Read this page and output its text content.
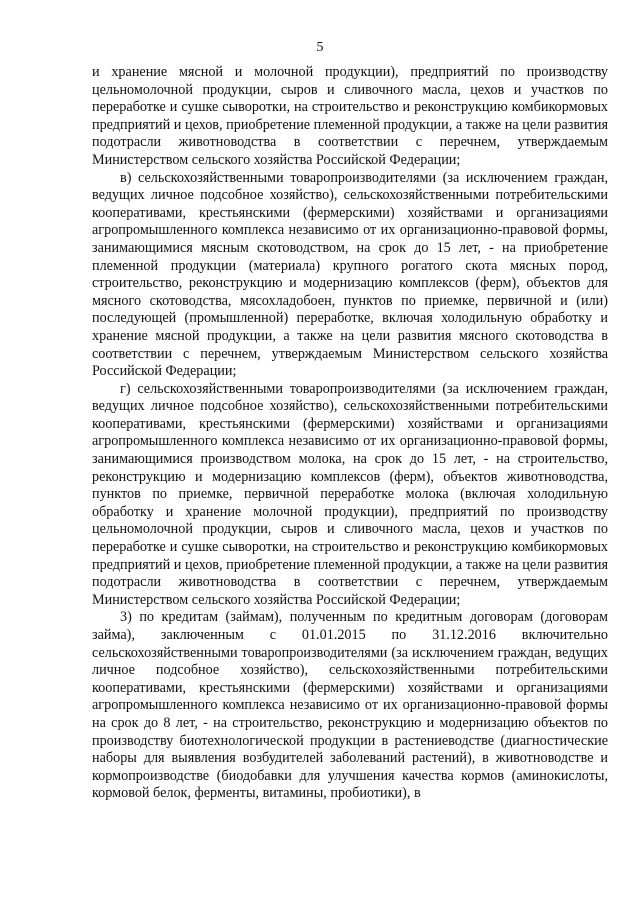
5

и хранение мясной и молочной продукции), предприятий по производству цельномолочной продукции, сыров и сливочного масла, цехов и участков по переработке и сушке сыворотки, на строительство и реконструкцию комбикормовых предприятий и цехов, приобретение племенной продукции, а также на цели развития подотрасли животноводства в соответствии с перечнем, утверждаемым Министерством сельского хозяйства Российской Федерации;

в) сельскохозяйственными товаропроизводителями (за исключением граждан, ведущих личное подсобное хозяйство), сельскохозяйственными потребительскими кооперативами, крестьянскими (фермерскими) хозяйствами и организациями агропромышленного комплекса независимо от их организационно-правовой формы, занимающимися мясным скотоводством, на срок до 15 лет, - на приобретение племенной продукции (материала) крупного рогатого скота мясных пород, строительство, реконструкцию и модернизацию комплексов (ферм), объектов для мясного скотоводства, мясохладобоен, пунктов по приемке, первичной и (или) последующей (промышленной) переработке, включая холодильную обработку и хранение мясной продукции, а также на цели развития мясного скотоводства в соответствии с перечнем, утверждаемым Министерством сельского хозяйства Российской Федерации;

г) сельскохозяйственными товаропроизводителями (за исключением граждан, ведущих личное подсобное хозяйство), сельскохозяйственными потребительскими кооперативами, крестьянскими (фермерскими) хозяйствами и организациями агропромышленного комплекса независимо от их организационно-правовой формы, занимающимися производством молока, на срок до 15 лет, - на строительство, реконструкцию и модернизацию комплексов (ферм), объектов животноводства, пунктов по приемке, первичной переработке молока (включая холодильную обработку и хранение молочной продукции), предприятий по производству цельномолочной продукции, сыров и сливочного масла, цехов и участков по переработке и сушке сыворотки, на строительство и реконструкцию комбикормовых предприятий и цехов, приобретение племенной продукции, а также на цели развития подотрасли животноводства в соответствии с перечнем, утверждаемым Министерством сельского хозяйства Российской Федерации;

3) по кредитам (займам), полученным по кредитным договорам (договорам займа), заключенным с 01.01.2015 по 31.12.2016 включительно сельскохозяйственными товаропроизводителями (за исключением граждан, ведущих личное подсобное хозяйство), сельскохозяйственными потребительскими кооперативами, крестьянскими (фермерскими) хозяйствами и организациями агропромышленного комплекса независимо от их организационно-правовой формы на срок до 8 лет, - на строительство, реконструкцию и модернизацию объектов по производству биотехнологической продукции в растениеводстве (диагностические наборы для выявления возбудителей заболеваний растений), в животноводстве и кормопроизводстве (биодобавки для улучшения качества кормов (аминокислоты, кормовой белок, ферменты, витамины, пробиотики), в
